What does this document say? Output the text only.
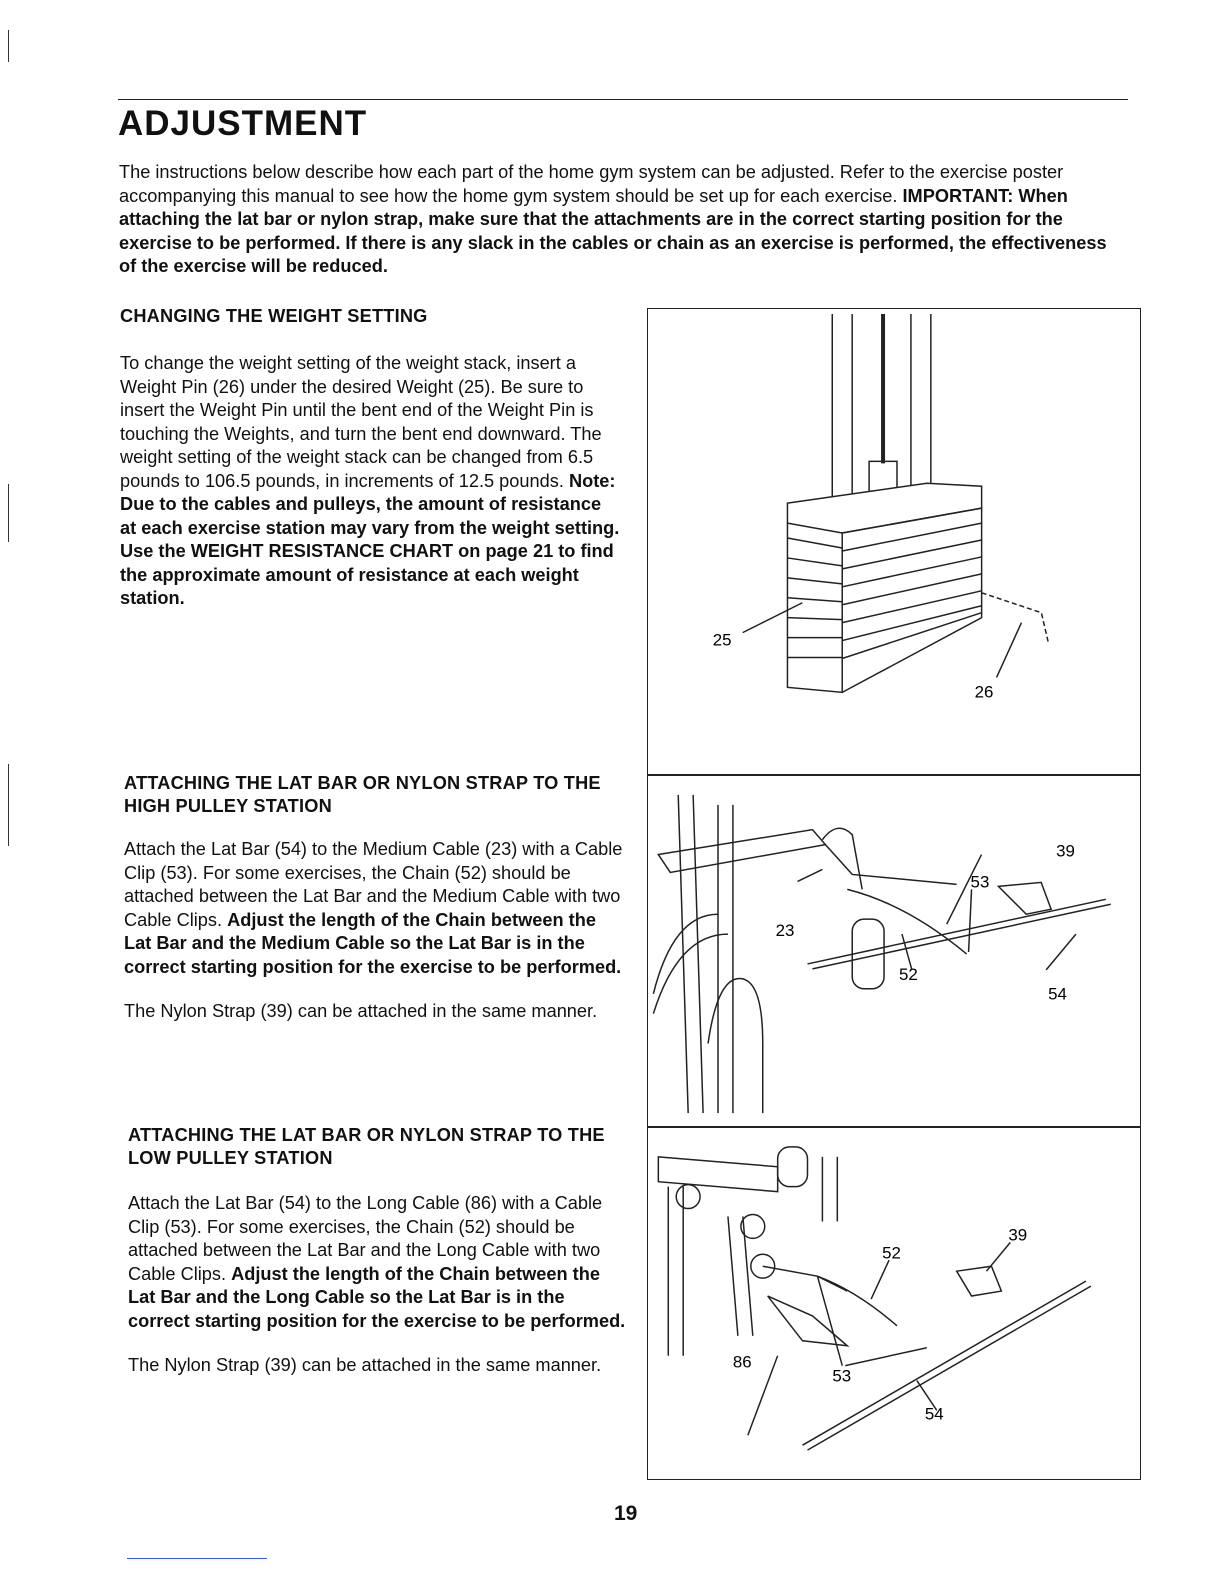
ADJUSTMENT

The instructions below describe how each part of the home gym system can be adjusted. Refer to the exercise poster accompanying this manual to see how the home gym system should be set up for each exercise. IMPORTANT: When attaching the lat bar or nylon strap, make sure that the attachments are in the correct starting position for the exercise to be performed. If there is any slack in the cables or chain as an exercise is performed, the effectiveness of the exercise will be reduced.

CHANGING THE WEIGHT SETTING

To change the weight setting of the weight stack, insert a Weight Pin (26) under the desired Weight (25). Be sure to insert the Weight Pin until the bent end of the Weight Pin is touching the Weights, and turn the bent end downward. The weight setting of the weight stack can be changed from 6.5 pounds to 106.5 pounds, in increments of 12.5 pounds. Note: Due to the cables and pulleys, the amount of resistance at each exercise station may vary from the weight setting. Use the WEIGHT RESISTANCE CHART on page 21 to find the approximate amount of resistance at each weight station.

ATTACHING THE LAT BAR OR NYLON STRAP TO THE HIGH PULLEY STATION

Attach the Lat Bar (54) to the Medium Cable (23) with a Cable Clip (53). For some exercises, the Chain (52) should be attached between the Lat Bar and the Medium Cable with two Cable Clips. Adjust the length of the Chain between the Lat Bar and the Medium Cable so the Lat Bar is in the correct starting position for the exercise to be performed.

The Nylon Strap (39) can be attached in the same manner.

ATTACHING THE LAT BAR OR NYLON STRAP TO THE LOW PULLEY STATION

Attach the Lat Bar (54) to the Long Cable (86) with a Cable Clip (53). For some exercises, the Chain (52) should be attached between the Lat Bar and the Long Cable with two Cable Clips. Adjust the length of the Chain between the Lat Bar and the Long Cable so the Lat Bar is in the correct starting position for the exercise to be performed.

The Nylon Strap (39) can be attached in the same manner.

25
26
39
53
23
52
54
52
39
86
53
54
19
